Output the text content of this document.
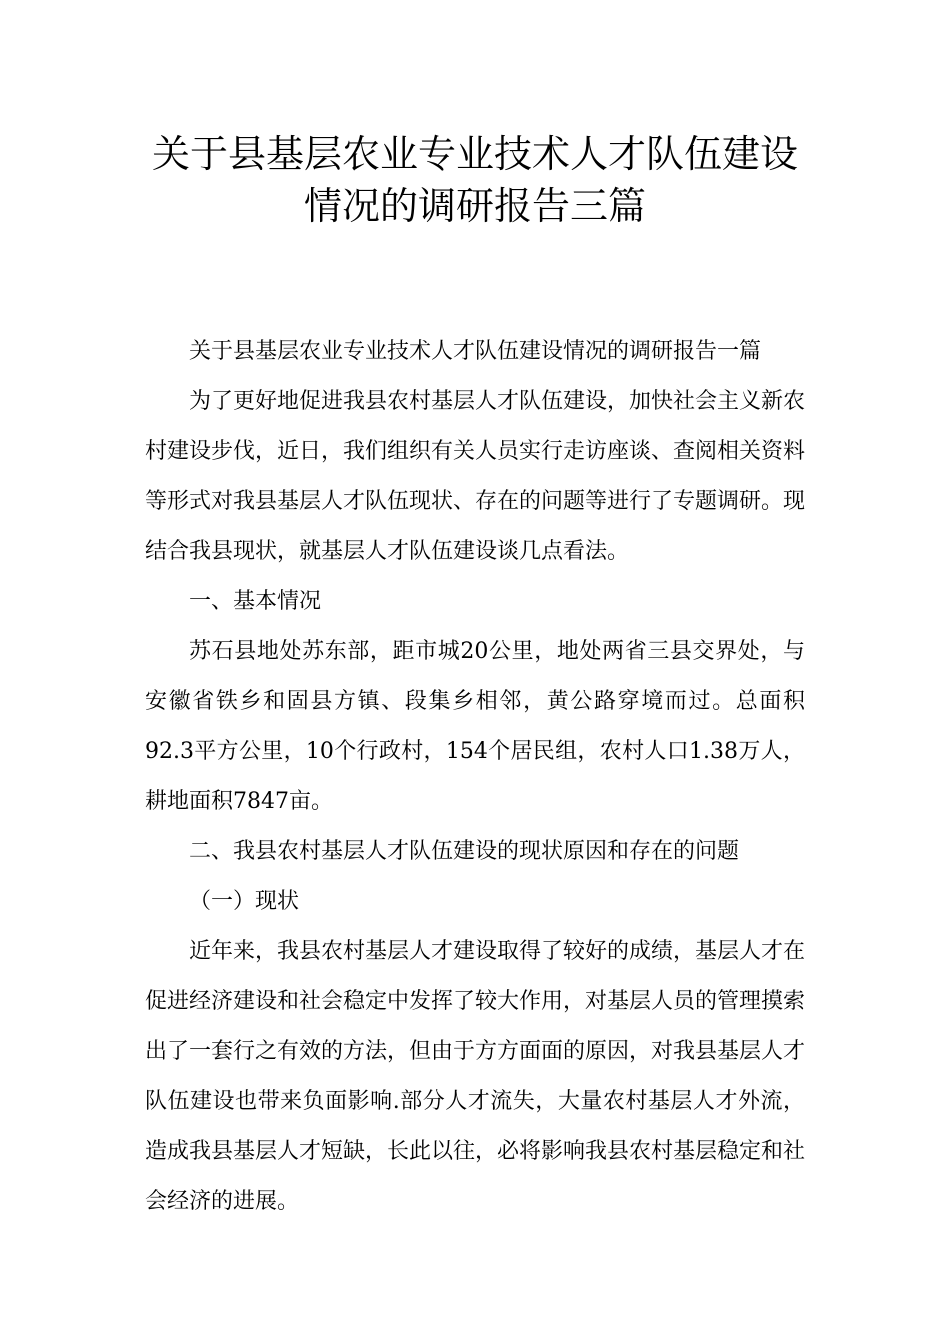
关于县基层农业专业技术人才队伍建设
情况的调研报告三篇

关于县基层农业专业技术人才队伍建设情况的调研报告一篇

为了更好地促进我县农村基层人才队伍建设，加快社会主义新农村建设步伐，近日，我们组织有关人员实行走访座谈、查阅相关资料等形式对我县基层人才队伍现状、存在的问题等进行了专题调研。现结合我县现状，就基层人才队伍建设谈几点看法。

一、基本情况

苏石县地处苏东部，距市城20公里，地处两省三县交界处，与安徽省铁乡和固县方镇、段集乡相邻，黄公路穿境而过。总面积92.3平方公里，10个行政村，154个居民组，农村人口1.38万人，耕地面积7847亩。

二、我县农村基层人才队伍建设的现状原因和存在的问题

（一）现状

近年来，我县农村基层人才建设取得了较好的成绩，基层人才在促进经济建设和社会稳定中发挥了较大作用，对基层人员的管理摸索出了一套行之有效的方法，但由于方方面面的原因，对我县基层人才队伍建设也带来负面影响.部分人才流失，大量农村基层人才外流，造成我县基层人才短缺，长此以往，必将影响我县农村基层稳定和社会经济的进展。
